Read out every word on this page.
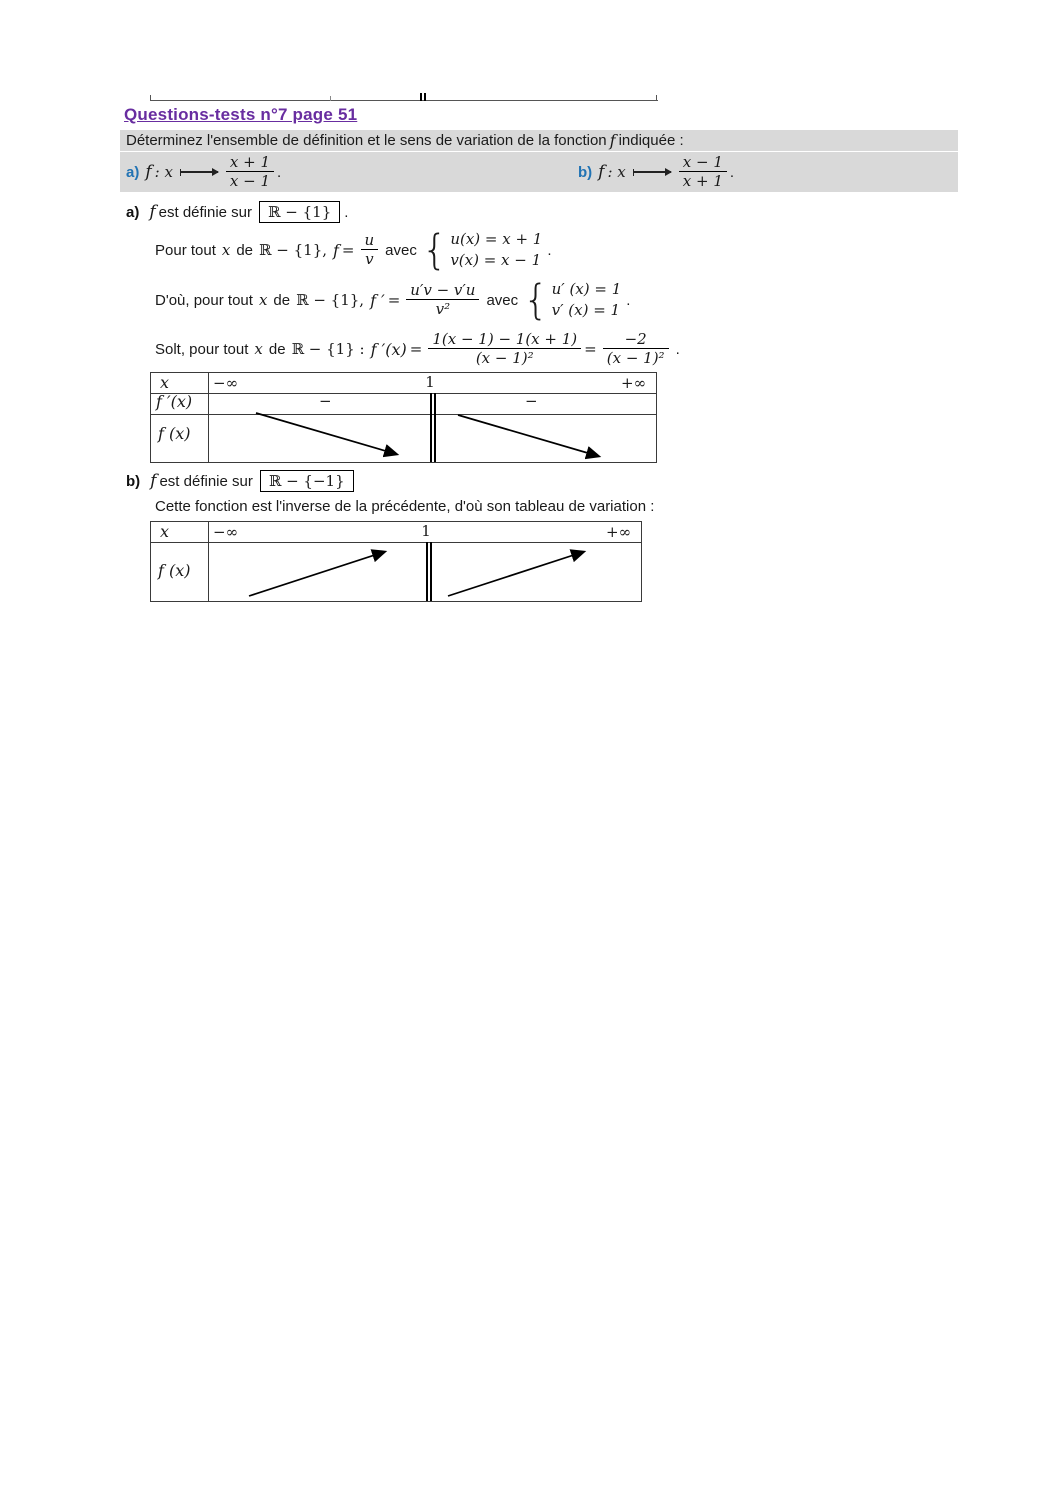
Questions-tests n°7 page 51
Déterminez l'ensemble de définition et le sens de variation de la fonction f indiquée :
a) f : x	$\frac{x + 1}{x - 1}$ .	b) f : x	$\frac{x - 1}{x + 1}$ .
a) f est définie sur	ℝ − {1} .
Pour tout x de ℝ − {1}, $f = \frac{u}{v}$ avec { u(x) = x + 1
v(x) = x − 1
.
D'où, pour tout x de ℝ − {1}, f ′ = $\frac{u'v - v'u}{\text{v²}}$ avec { u′ (x) = 1
v′ (x) = 1
.
Solt, pour tout x de ℝ − {1} : f $'(x) = \frac{1(x - 1) - 1(x + 1)}{\text{(x − 1)²}} = \frac{-2}{\text{(x − 1)²}}$ .
x	−∞	1	+∞
f ′(x)	−	−
f (x)
b) f est définie sur	ℝ − {−1}
Cette fonction est l'inverse de la précédente, d'où son tableau de variation :
x	−∞	1	+∞
f (x)
